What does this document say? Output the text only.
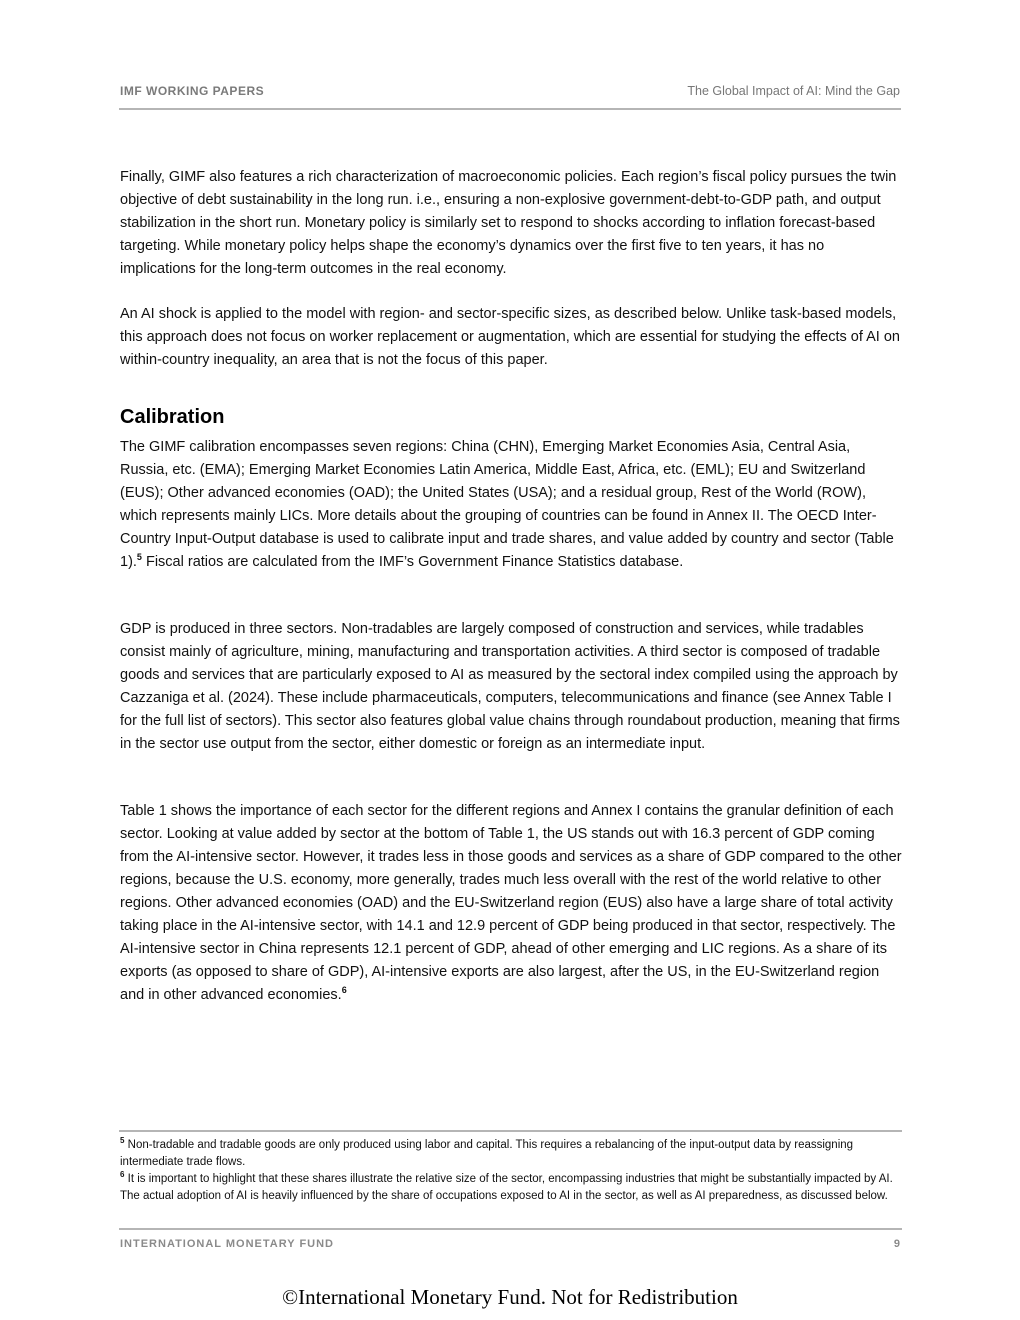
IMF WORKING PAPERS	The Global Impact of AI: Mind the Gap

Finally, GIMF also features a rich characterization of macroeconomic policies. Each region’s fiscal policy pursues the twin objective of debt sustainability in the long run. i.e., ensuring a non-explosive government-debt-to-GDP path, and output stabilization in the short run. Monetary policy is similarly set to respond to shocks according to inflation forecast-based targeting. While monetary policy helps shape the economy’s dynamics over the first five to ten years, it has no implications for the long-term outcomes in the real economy.

An AI shock is applied to the model with region- and sector-specific sizes, as described below. Unlike task-based models, this approach does not focus on worker replacement or augmentation, which are essential for studying the effects of AI on within-country inequality, an area that is not the focus of this paper.

Calibration

The GIMF calibration encompasses seven regions: China (CHN), Emerging Market Economies Asia, Central Asia, Russia, etc. (EMA); Emerging Market Economies Latin America, Middle East, Africa, etc. (EML); EU and Switzerland (EUS); Other advanced economies (OAD); the United States (USA); and a residual group, Rest of the World (ROW), which represents mainly LICs. More details about the grouping of countries can be found in Annex II. The OECD Inter-Country Input-Output database is used to calibrate input and trade shares, and value added by country and sector (Table 1).$^5$ Fiscal ratios are calculated from the IMF’s Government Finance Statistics database.

GDP is produced in three sectors. Non-tradables are largely composed of construction and services, while tradables consist mainly of agriculture, mining, manufacturing and transportation activities. A third sector is composed of tradable goods and services that are particularly exposed to AI as measured by the sectoral index compiled using the approach by Cazzaniga et al. (2024). These include pharmaceuticals, computers, telecommunications and finance (see Annex Table I for the full list of sectors). This sector also features global value chains through roundabout production, meaning that firms in the sector use output from the sector, either domestic or foreign as an intermediate input.

Table 1 shows the importance of each sector for the different regions and Annex I contains the granular definition of each sector. Looking at value added by sector at the bottom of Table 1, the US stands out with 16.3 percent of GDP coming from the AI-intensive sector. However, it trades less in those goods and services as a share of GDP compared to the other regions, because the U.S. economy, more generally, trades much less overall with the rest of the world relative to other regions. Other advanced economies (OAD) and the EU-Switzerland region (EUS) also have a large share of total activity taking place in the AI-intensive sector, with 14.1 and 12.9 percent of GDP being produced in that sector, respectively. The AI-intensive sector in China represents 12.1 percent of GDP, ahead of other emerging and LIC regions. As a share of its exports (as opposed to share of GDP), AI-intensive exports are also largest, after the US, in the EU-Switzerland region and in other advanced economies.$^6$

$^5$ Non-tradable and tradable goods are only produced using labor and capital. This requires a rebalancing of the input-output data by reassigning intermediate trade flows.

$^6$ It is important to highlight that these shares illustrate the relative size of the sector, encompassing industries that might be substantially impacted by AI. The actual adoption of AI is heavily influenced by the share of occupations exposed to AI in the sector, as well as AI preparedness, as discussed below.

INTERNATIONAL MONETARY FUND	9
©International Monetary Fund. Not for Redistribution
